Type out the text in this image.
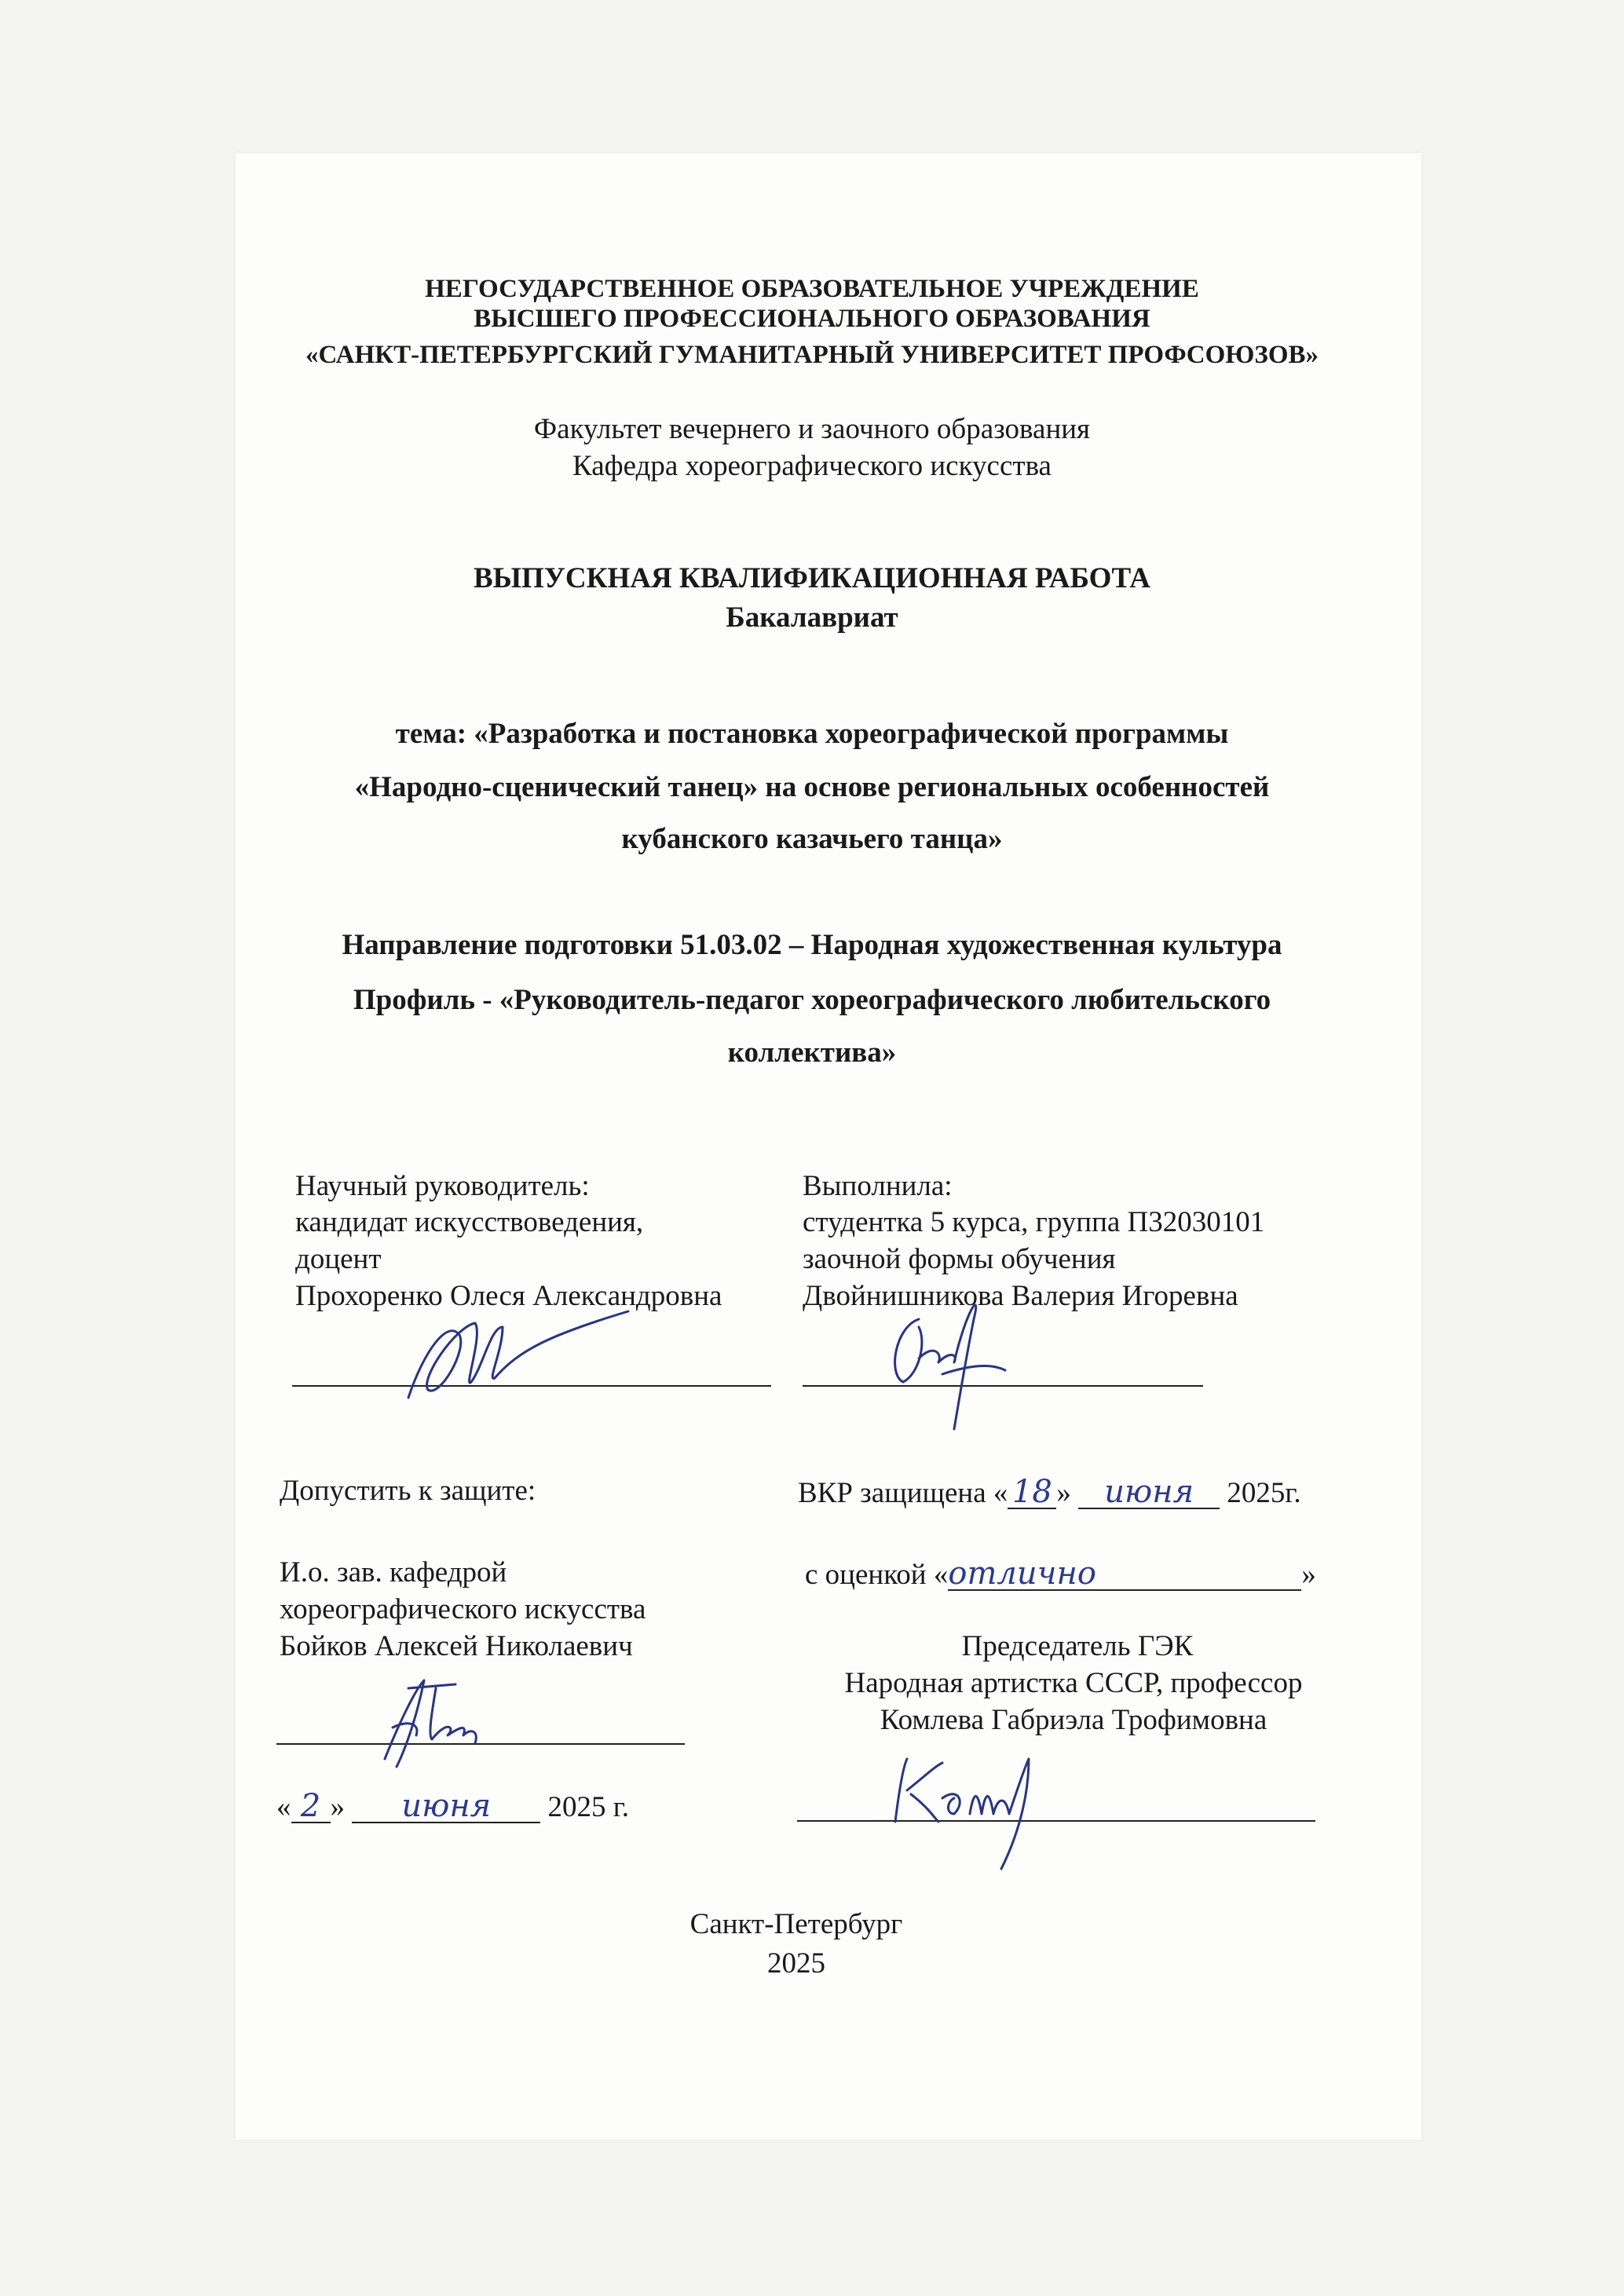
НЕГОСУДАРСТВЕННОЕ ОБРАЗОВАТЕЛЬНОЕ УЧРЕЖДЕНИЕ
ВЫСШЕГО ПРОФЕССИОНАЛЬНОГО ОБРАЗОВАНИЯ
«САНКТ-ПЕТЕРБУРГСКИЙ ГУМАНИТАРНЫЙ УНИВЕРСИТЕТ ПРОФСОЮЗОВ»
Факультет вечернего и заочного образования
Кафедра хореографического искусства
ВЫПУСКНАЯ КВАЛИФИКАЦИОННАЯ РАБОТА
Бакалавриат
тема: «Разработка и постановка хореографической программы
«Народно-сценический танец» на основе региональных особенностей
кубанского казачьего танца»
Направление подготовки 51.03.02 – Народная художественная культура
Профиль - «Руководитель-педагог хореографического любительского
коллектива»
Научный руководитель:
кандидат искусствоведения,
доцент
Прохоренко Олеся Александровна
Выполнила:
студентка 5 курса, группа П32030101
заочной формы обучения
Двойнишникова Валерия Игоревна
Допустить к защите:	ВКР защищена « 18 » июня 2025г.
И.о. зав. кафедрой
хореографического искусства
Бойков Алексей Николаевич
с оценкой «отлично	»
Председатель ГЭК
Народная артистка СССР, профессор
Комлева Габриэла Трофимовна
« 2 » июня 2025 г.
Санкт-Петербург
2025
